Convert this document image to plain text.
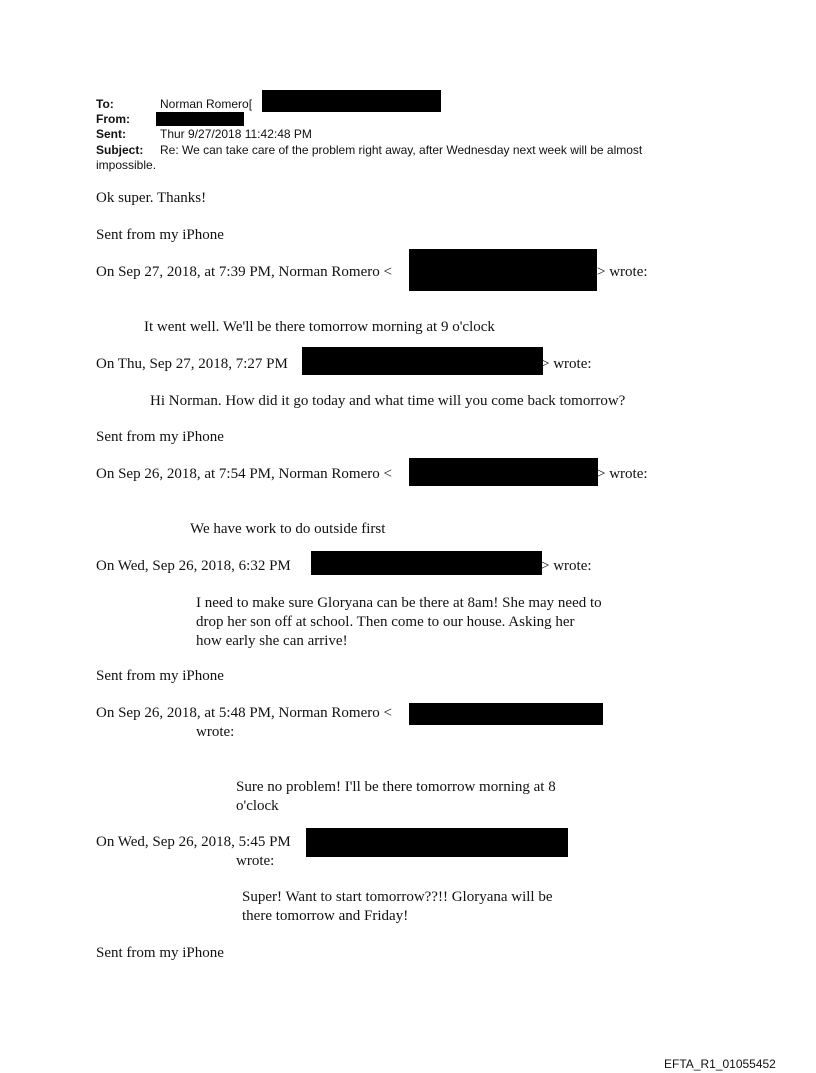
To:	Norman Romero[
From:
Sent:	Thur 9/27/2018 11:42:48 PM
Subject: Re: We can take care of the problem right away, after Wednesday next week will be almost
impossible.
Ok super. Thanks!
Sent from my iPhone
On Sep 27, 2018, at 7:39 PM, Norman Romero <	> wrote:
It went well. We'll be there tomorrow morning at 9 o'clock
On Thu, Sep 27, 2018, 7:27 PM	> wrote:
Hi Norman. How did it go today and what time will you come back tomorrow?
Sent from my iPhone
On Sep 26, 2018, at 7:54 PM, Norman Romero <	> wrote:
We have work to do outside first
On Wed, Sep 26, 2018, 6:32 PM	> wrote:
I need to make sure Gloryana can be there at 8am! She may need to
drop her son off at school. Then come to our house. Asking her
how early she can arrive!
Sent from my iPhone
On Sep 26, 2018, at 5:48 PM, Norman Romero <
wrote:
Sure no problem! I'll be there tomorrow morning at 8
o'clock
On Wed, Sep 26, 2018, 5:45 PM
wrote:
Super! Want to start tomorrow??!! Gloryana will be
there tomorrow and Friday!
Sent from my iPhone
EFTA_R1_01055452
